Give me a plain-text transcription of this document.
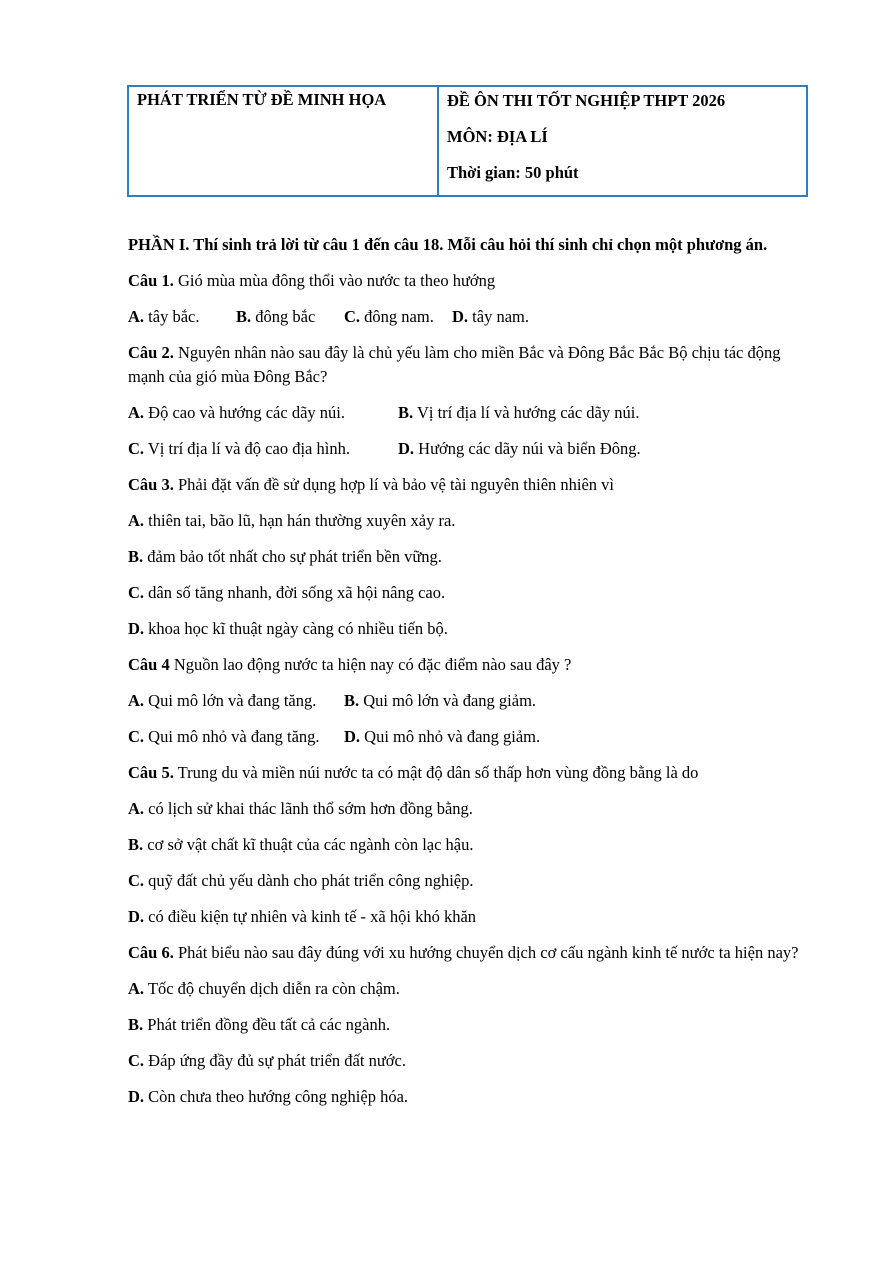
PHÁT TRIỂN TỪ ĐỀ MINH HỌA	ĐỀ ÔN THI TỐT NGHIỆP THPT 2026
MÔN: ĐỊA LÍ
Thời gian: 50 phút

PHẦN I. Thí sinh trả lời từ câu 1 đến câu 18. Mỗi câu hỏi thí sinh chỉ chọn một phương án.

Câu 1. Gió mùa mùa đông thổi vào nước ta theo hướng

A. tây bắc.	B. đông bắc	C. đông nam.	D. tây nam.

Câu 2. Nguyên nhân nào sau đây là chủ yếu làm cho miền Bắc và Đông Bắc Bắc Bộ chịu tác động mạnh của gió mùa Đông Bắc?

A. Độ cao và hướng các dãy núi.	B. Vị trí địa lí và hướng các dãy núi.
C. Vị trí địa lí và độ cao địa hình.	D. Hướng các dãy núi và biển Đông.

Câu 3. Phải đặt vấn đề sử dụng hợp lí và bảo vệ tài nguyên thiên nhiên vì

A. thiên tai, bão lũ, hạn hán thường xuyên xảy ra.

B. đảm bảo tốt nhất cho sự phát triển bền vững.

C. dân số tăng nhanh, đời sống xã hội nâng cao.

D. khoa học kĩ thuật ngày càng có nhiều tiến bộ.

Câu 4 Nguồn lao động nước ta hiện nay có đặc điểm nào sau đây ?

A. Qui mô lớn và đang tăng.	B. Qui mô lớn và đang giảm.
C. Qui mô nhỏ và đang tăng.	D. Qui mô nhỏ và đang giảm.

Câu 5. Trung du và miền núi nước ta có mật độ dân số thấp hơn vùng đồng bằng là do

A. có lịch sử khai thác lãnh thổ sớm hơn đồng bằng.

B. cơ sở vật chất kĩ thuật của các ngành còn lạc hậu.

C. quỹ đất chủ yếu dành cho phát triển công nghiệp.

D. có điều kiện tự nhiên và kinh tế - xã hội khó khăn

Câu 6. Phát biểu nào sau đây đúng với xu hướng chuyển dịch cơ cấu ngành kinh tế nước ta hiện nay?

A. Tốc độ chuyển dịch diễn ra còn chậm.

B. Phát triển đồng đều tất cả các ngành.

C. Đáp ứng đầy đủ sự phát triển đất nước.

D. Còn chưa theo hướng công nghiệp hóa.
